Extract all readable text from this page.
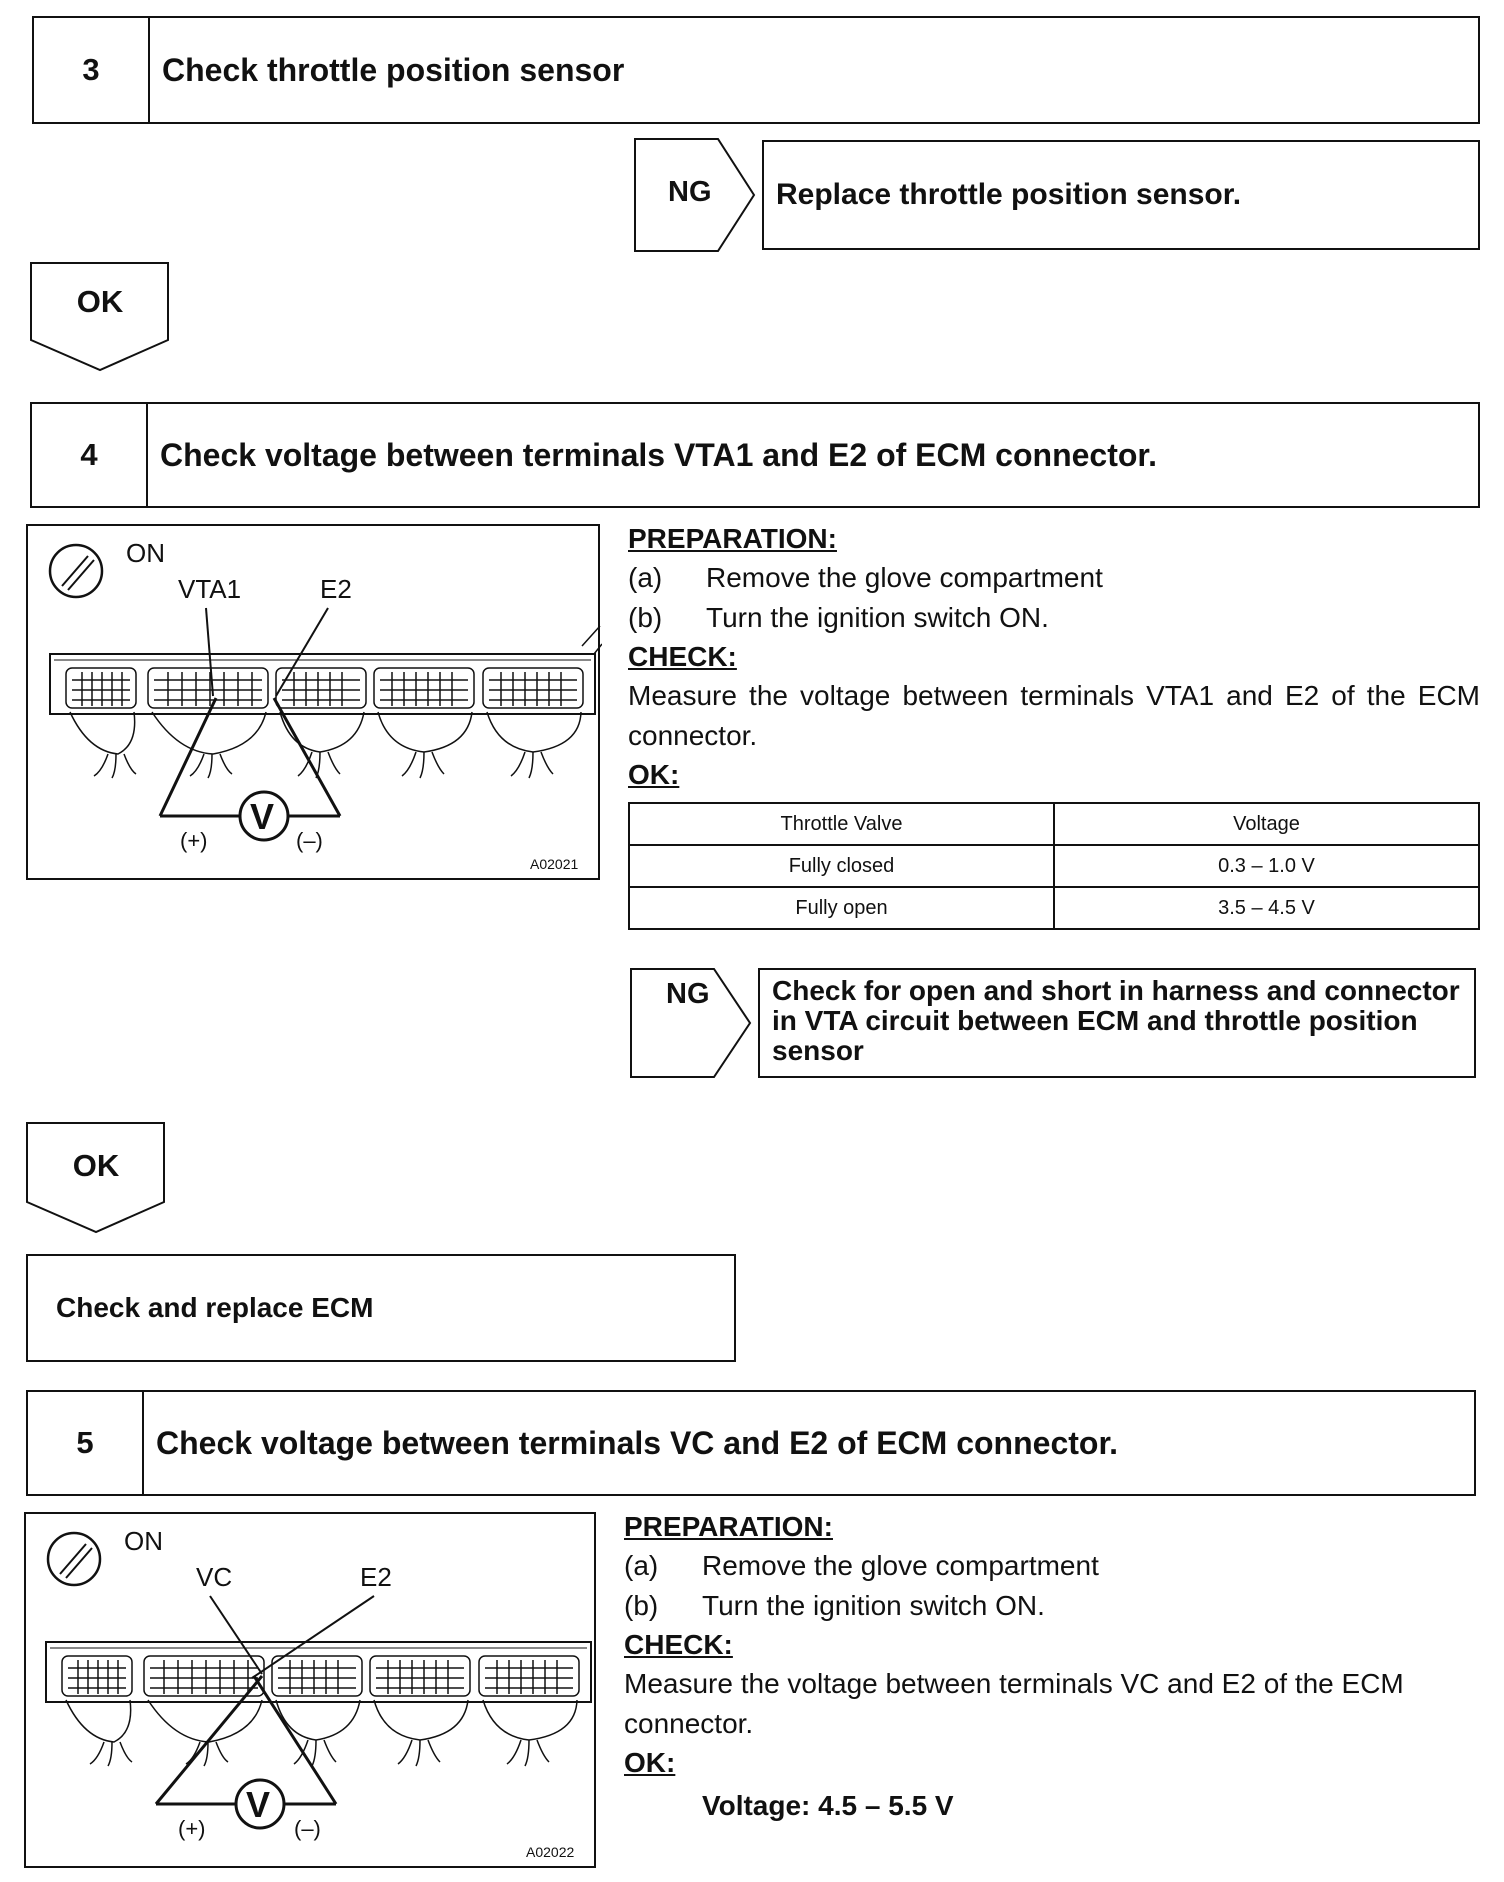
3	Check throttle position sensor
NG Replace throttle position sensor.
OK
4	Check voltage between terminals VTA1 and E2 of ECM connector.
ON
VTA1	E2
V
(+)	(–)
A02021
PREPARATION:
(a)	Remove the glove compartment
(b)	Turn the ignition switch ON.
CHECK:
Measure the voltage between terminals VTA1 and E2 of the ECM connector.
OK:
Throttle Valve	Voltage
Fully closed	0.3 – 1.0 V
Fully open	3.5 – 4.5 V
NG	Check for open and short in harness and connector in VTA circuit between ECM and throttle position sensor
OK
Check and replace ECM
5	Check voltage between terminals VC and E2 of ECM connector.
ON
VC	E2
V
(+)	(–)
A02022
PREPARATION:
(a)	Remove the glove compartment
(b)	Turn the ignition switch ON.
CHECK:
Measure the voltage between terminals VC and E2 of the ECM connector.
OK:
Voltage: 4.5 – 5.5 V
